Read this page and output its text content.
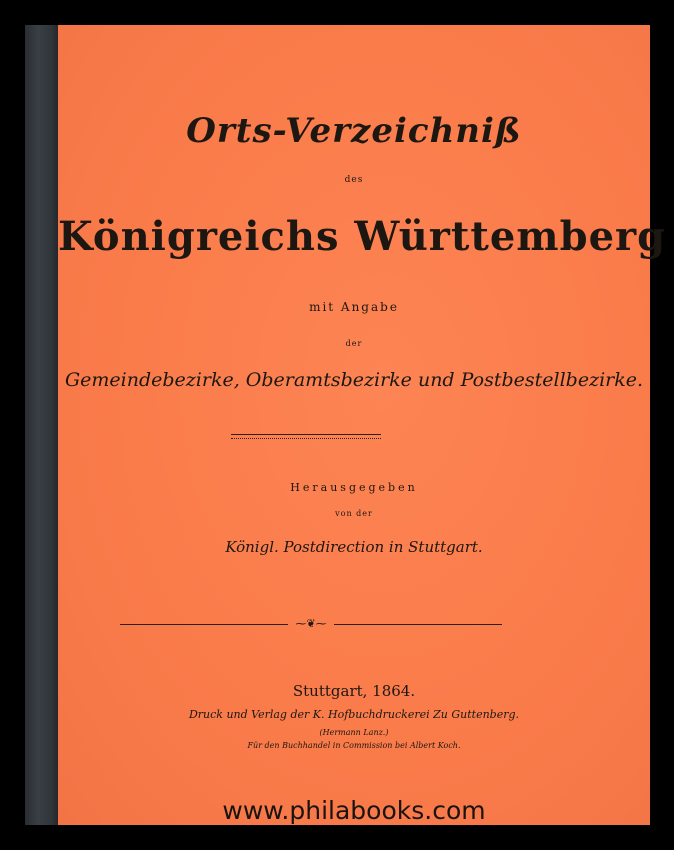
Orts-Verzeichniß
des
Königreichs Württemberg
mit Angabe
der
Gemeindebezirke, Oberamtsbezirke und Postbestellbezirke.
Herausgegeben
von der
Königl. Postdirection in Stuttgart.
⁓❦⁓
Stuttgart, 1864.
Druck und Verlag der K. Hofbuchdruckerei Zu Guttenberg.
(Hermann Lanz.)
Für den Buchhandel in Commission bei Albert Koch.
www.philabooks.com
